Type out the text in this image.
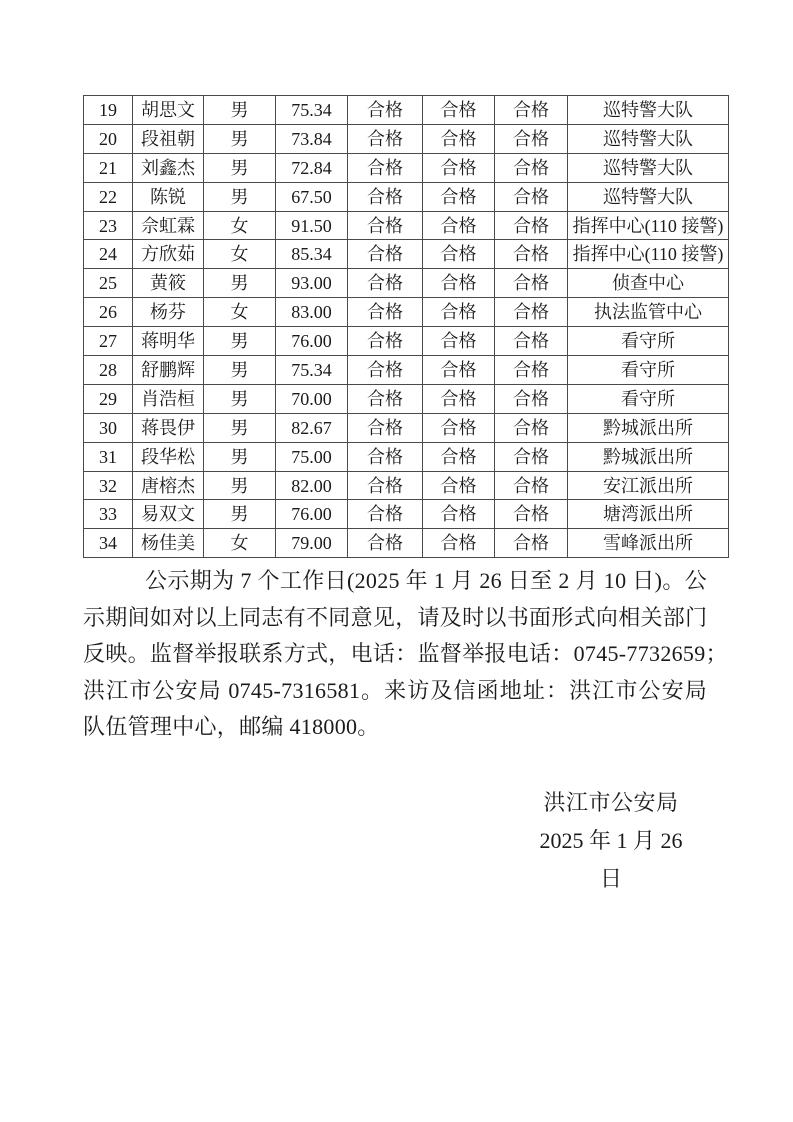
19	胡思文	男	75.34	合格	合格	合格	巡特警大队
20	段祖朝	男	73.84	合格	合格	合格	巡特警大队
21	刘鑫杰	男	72.84	合格	合格	合格	巡特警大队
22	陈锐	男	67.50	合格	合格	合格	巡特警大队
23	佘虹霖	女	91.50	合格	合格	合格	指挥中心(110 接警)
24	方欣茹	女	85.34	合格	合格	合格	指挥中心(110 接警)
25	黄筱	男	93.00	合格	合格	合格	侦查中心
26	杨芬	女	83.00	合格	合格	合格	执法监管中心
27	蒋明华	男	76.00	合格	合格	合格	看守所
28	舒鹏辉	男	75.34	合格	合格	合格	看守所
29	肖浩桓	男	70.00	合格	合格	合格	看守所
30	蒋畏伊	男	82.67	合格	合格	合格	黔城派出所
31	段华松	男	75.00	合格	合格	合格	黔城派出所
32	唐榕杰	男	82.00	合格	合格	合格	安江派出所
33	易双文	男	76.00	合格	合格	合格	塘湾派出所
34	杨佳美	女	79.00	合格	合格	合格	雪峰派出所
公示期为 7 个工作日(2025 年 1 月 26 日至 2 月 10 日)。公
示期间如对以上同志有不同意见，请及时以书面形式向相关部门
反映。监督举报联系方式，电话：监督举报电话：0745-7732659；
洪江市公安局 0745-7316581。来访及信函地址：洪江市公安局
队伍管理中心，邮编 418000。
洪江市公安局
2025 年 1 月 26 日
